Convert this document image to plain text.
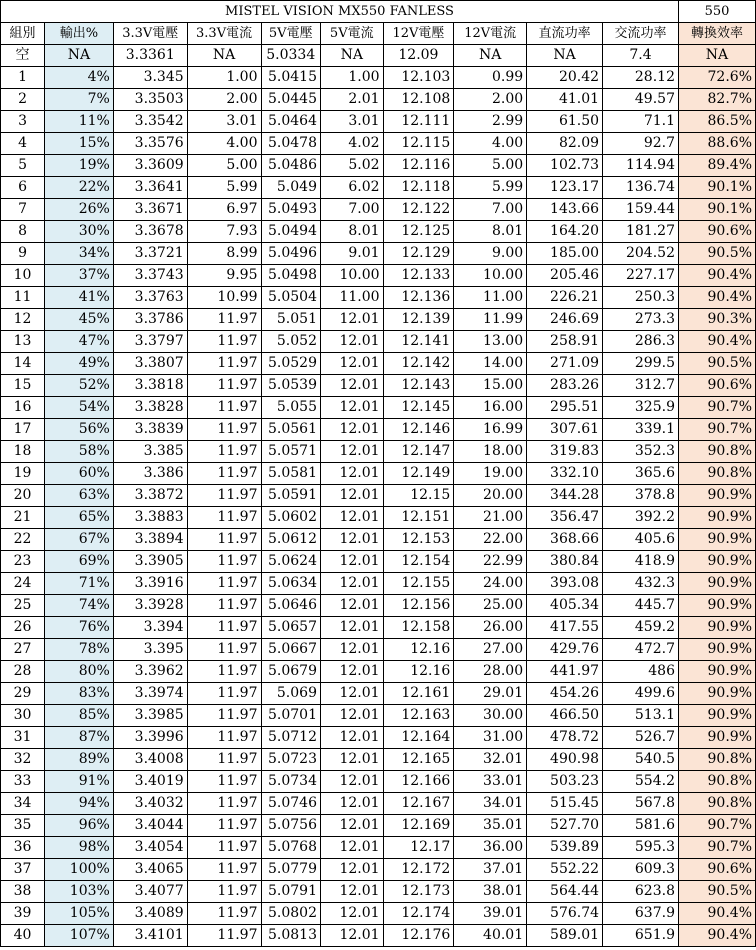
MISTEL VISION MX550 FANLESS										550
組別	輸出%	3.3V電壓	3.3V電流	5V電壓	5V電流	12V電壓	12V電流	直流功率	交流功率	轉換效率
空	NA	3.3361	NA	5.0334	NA	12.09	NA	NA	7.4	NA
1	4%	3.345	1.00	5.0415	1.00	12.103	0.99	20.42	28.12	72.6%
2	7%	3.3503	2.00	5.0445	2.01	12.108	2.00	41.01	49.57	82.7%
3	11%	3.3542	3.01	5.0464	3.01	12.111	2.99	61.50	71.1	86.5%
4	15%	3.3576	4.00	5.0478	4.02	12.115	4.00	82.09	92.7	88.6%
5	19%	3.3609	5.00	5.0486	5.02	12.116	5.00	102.73	114.94	89.4%
6	22%	3.3641	5.99	5.049	6.02	12.118	5.99	123.17	136.74	90.1%
7	26%	3.3671	6.97	5.0493	7.00	12.122	7.00	143.66	159.44	90.1%
8	30%	3.3678	7.93	5.0494	8.01	12.125	8.01	164.20	181.27	90.6%
9	34%	3.3721	8.99	5.0496	9.01	12.129	9.00	185.00	204.52	90.5%
10	37%	3.3743	9.95	5.0498	10.00	12.133	10.00	205.46	227.17	90.4%
11	41%	3.3763	10.99	5.0504	11.00	12.136	11.00	226.21	250.3	90.4%
12	45%	3.3786	11.97	5.051	12.01	12.139	11.99	246.69	273.3	90.3%
13	47%	3.3797	11.97	5.052	12.01	12.141	13.00	258.91	286.3	90.4%
14	49%	3.3807	11.97	5.0529	12.01	12.142	14.00	271.09	299.5	90.5%
15	52%	3.3818	11.97	5.0539	12.01	12.143	15.00	283.26	312.7	90.6%
16	54%	3.3828	11.97	5.055	12.01	12.145	16.00	295.51	325.9	90.7%
17	56%	3.3839	11.97	5.0561	12.01	12.146	16.99	307.61	339.1	90.7%
18	58%	3.385	11.97	5.0571	12.01	12.147	18.00	319.83	352.3	90.8%
19	60%	3.386	11.97	5.0581	12.01	12.149	19.00	332.10	365.6	90.8%
20	63%	3.3872	11.97	5.0591	12.01	12.15	20.00	344.28	378.8	90.9%
21	65%	3.3883	11.97	5.0602	12.01	12.151	21.00	356.47	392.2	90.9%
22	67%	3.3894	11.97	5.0612	12.01	12.153	22.00	368.66	405.6	90.9%
23	69%	3.3905	11.97	5.0624	12.01	12.154	22.99	380.84	418.9	90.9%
24	71%	3.3916	11.97	5.0634	12.01	12.155	24.00	393.08	432.3	90.9%
25	74%	3.3928	11.97	5.0646	12.01	12.156	25.00	405.34	445.7	90.9%
26	76%	3.394	11.97	5.0657	12.01	12.158	26.00	417.55	459.2	90.9%
27	78%	3.395	11.97	5.0667	12.01	12.16	27.00	429.76	472.7	90.9%
28	80%	3.3962	11.97	5.0679	12.01	12.16	28.00	441.97	486	90.9%
29	83%	3.3974	11.97	5.069	12.01	12.161	29.01	454.26	499.6	90.9%
30	85%	3.3985	11.97	5.0701	12.01	12.163	30.00	466.50	513.1	90.9%
31	87%	3.3996	11.97	5.0712	12.01	12.164	31.00	478.72	526.7	90.9%
32	89%	3.4008	11.97	5.0723	12.01	12.165	32.01	490.98	540.5	90.8%
33	91%	3.4019	11.97	5.0734	12.01	12.166	33.01	503.23	554.2	90.8%
34	94%	3.4032	11.97	5.0746	12.01	12.167	34.01	515.45	567.8	90.8%
35	96%	3.4044	11.97	5.0756	12.01	12.169	35.01	527.70	581.6	90.7%
36	98%	3.4054	11.97	5.0768	12.01	12.17	36.00	539.89	595.3	90.7%
37	100%	3.4065	11.97	5.0779	12.01	12.172	37.01	552.22	609.3	90.6%
38	103%	3.4077	11.97	5.0791	12.01	12.173	38.01	564.44	623.8	90.5%
39	105%	3.4089	11.97	5.0802	12.01	12.174	39.01	576.74	637.9	90.4%
40	107%	3.4101	11.97	5.0813	12.01	12.176	40.01	589.01	651.9	90.4%
